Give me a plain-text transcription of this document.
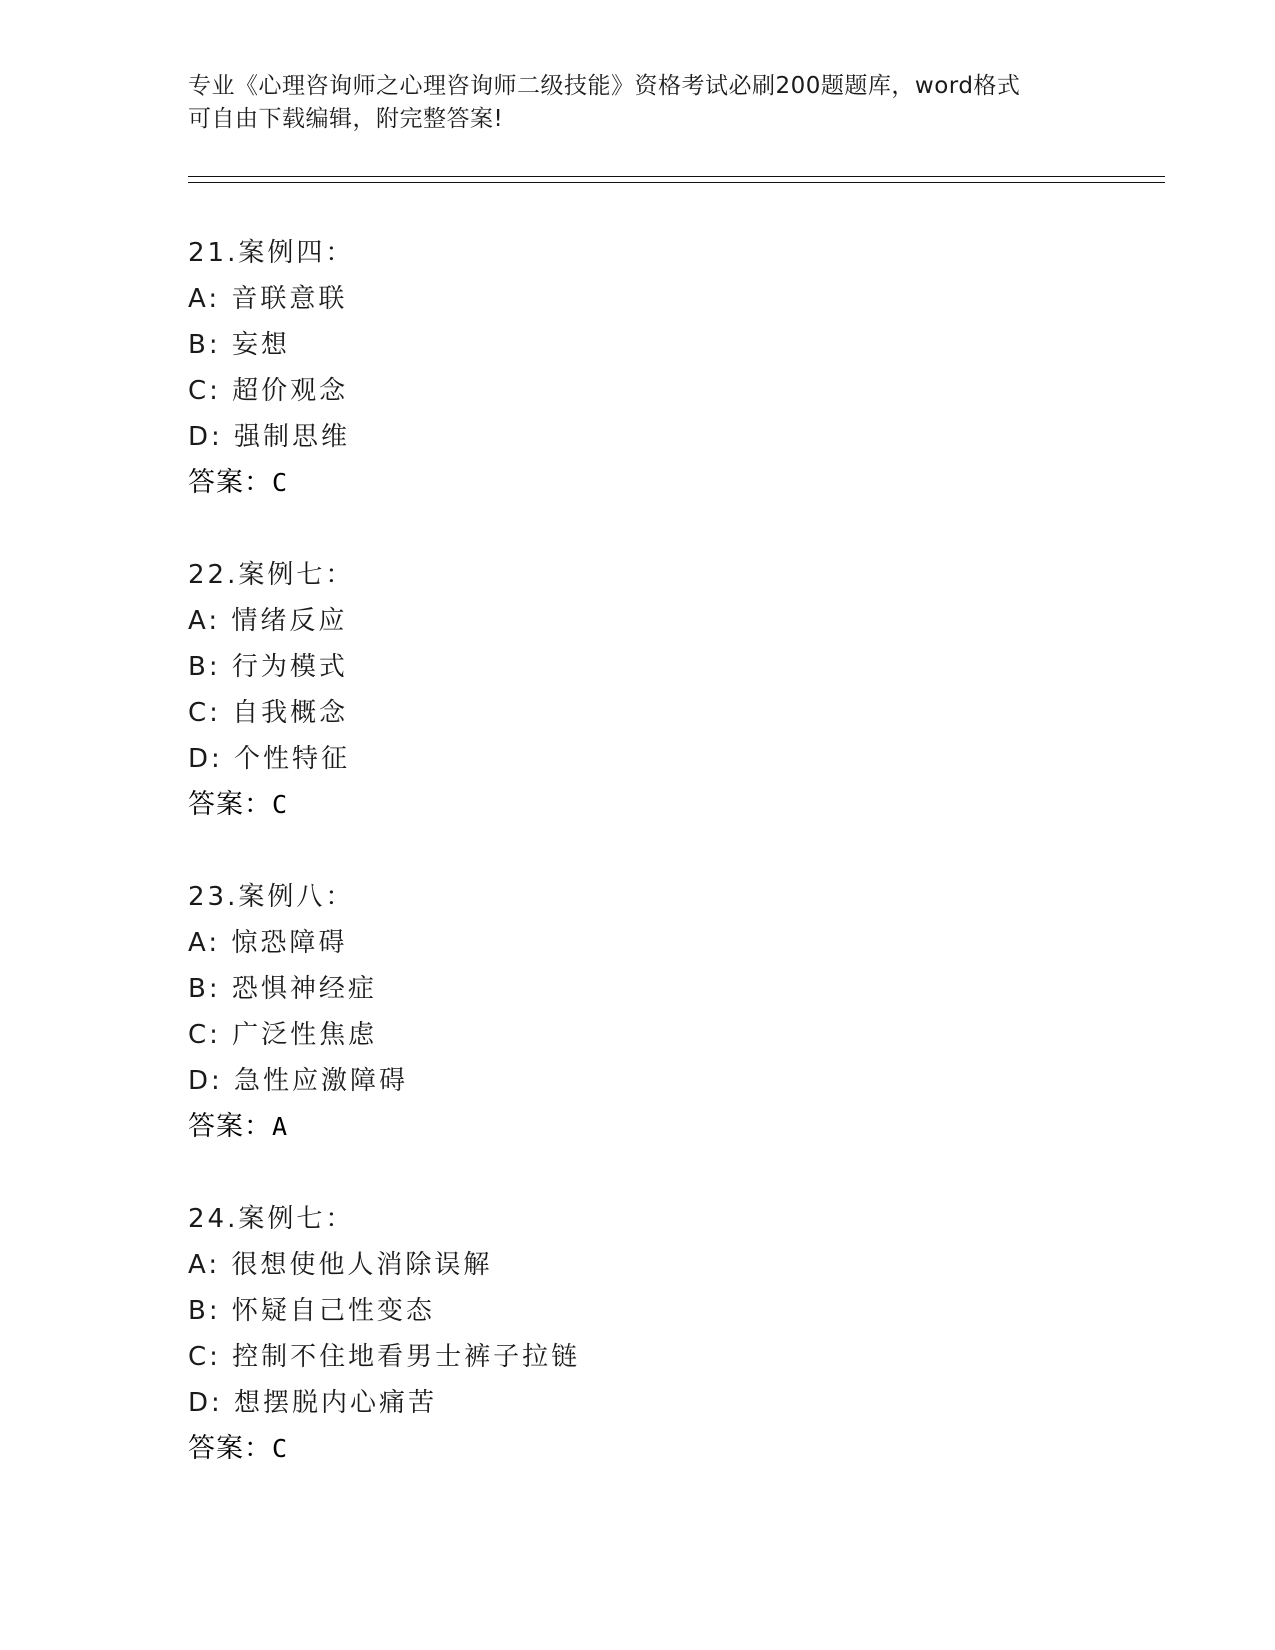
专业《心理咨询师之心理咨询师二级技能》资格考试必刷200题题库，word格式
可自由下载编辑，附完整答案!
21.案例四：
A: 音联意联
B: 妄想
C: 超价观念
D: 强制思维
答案：C
22.案例七：
A: 情绪反应
B: 行为模式
C: 自我概念
D: 个性特征
答案：C
23.案例八：
A: 惊恐障碍
B: 恐惧神经症
C: 广泛性焦虑
D: 急性应激障碍
答案：A
24.案例七：
A: 很想使他人消除误解
B: 怀疑自己性变态
C: 控制不住地看男士裤子拉链
D: 想摆脱内心痛苦
答案：C
